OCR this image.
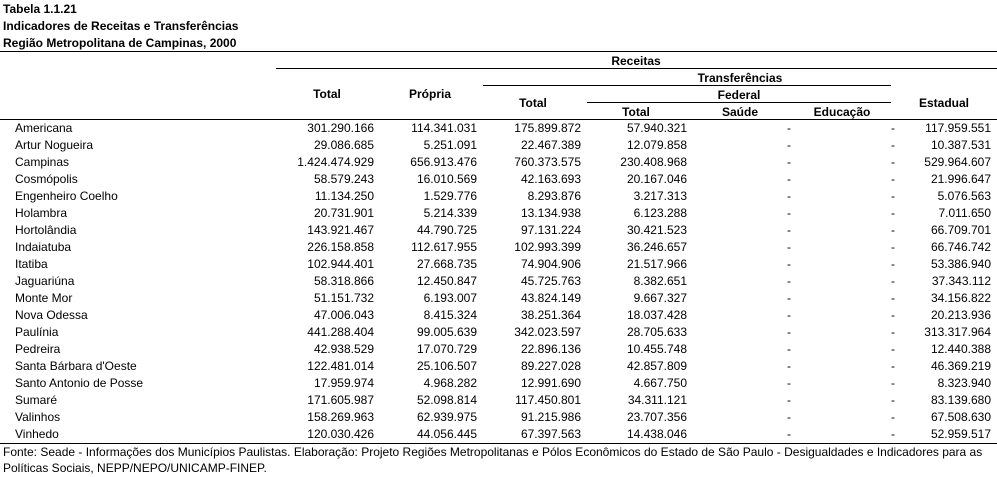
Tabela 1.1.21
Indicadores de Receitas e Transferências
Região Metropolitana de Campinas, 2000
Receitas
Transferências
Total	Própria	Federal
Total	Estadual
Total	Saúde	Educação
Americana	301.290.166	114.341.031	175.899.872	57.940.321	-	-	117.959.551
Artur Nogueira	29.086.685	5.251.091	22.467.389	12.079.858	-	-	10.387.531
Campinas	1.424.474.929	656.913.476	760.373.575	230.408.968	-	-	529.964.607
Cosmópolis	58.579.243	16.010.569	42.163.693	20.167.046	-	-	21.996.647
Engenheiro Coelho	11.134.250	1.529.776	8.293.876	3.217.313	-	-	5.076.563
Holambra	20.731.901	5.214.339	13.134.938	6.123.288	-	-	7.011.650
Hortolândia	143.921.467	44.790.725	97.131.224	30.421.523	-	-	66.709.701
Indaiatuba	226.158.858	112.617.955	102.993.399	36.246.657	-	-	66.746.742
Itatiba	102.944.401	27.668.735	74.904.906	21.517.966	-	-	53.386.940
Jaguariúna	58.318.866	12.450.847	45.725.763	8.382.651	-	-	37.343.112
Monte Mor	51.151.732	6.193.007	43.824.149	9.667.327	-	-	34.156.822
Nova Odessa	47.006.043	8.415.324	38.251.364	18.037.428	-	-	20.213.936
Paulínia	441.288.404	99.005.639	342.023.597	28.705.633	-	-	313.317.964
Pedreira	42.938.529	17.070.729	22.896.136	10.455.748	-	-	12.440.388
Santa Bárbara d'Oeste	122.481.014	25.106.507	89.227.028	42.857.809	-	-	46.369.219
Santo Antonio de Posse	17.959.974	4.968.282	12.991.690	4.667.750	-	-	8.323.940
Sumaré	171.605.987	52.098.814	117.450.801	34.311.121	-	-	83.139.680
Valinhos	158.269.963	62.939.975	91.215.986	23.707.356	-	-	67.508.630
Vinhedo	120.030.426	44.056.445	67.397.563	14.438.046	-	-	52.959.517
Fonte: Seade - Informações dos Municípios Paulistas. Elaboração: Projeto Regiões Metropolitanas e Pólos Econômicos do Estado de São Paulo - Desigualdades e Indicadores para as Políticas Sociais, NEPP/NEPO/UNICAMP-FINEP.
